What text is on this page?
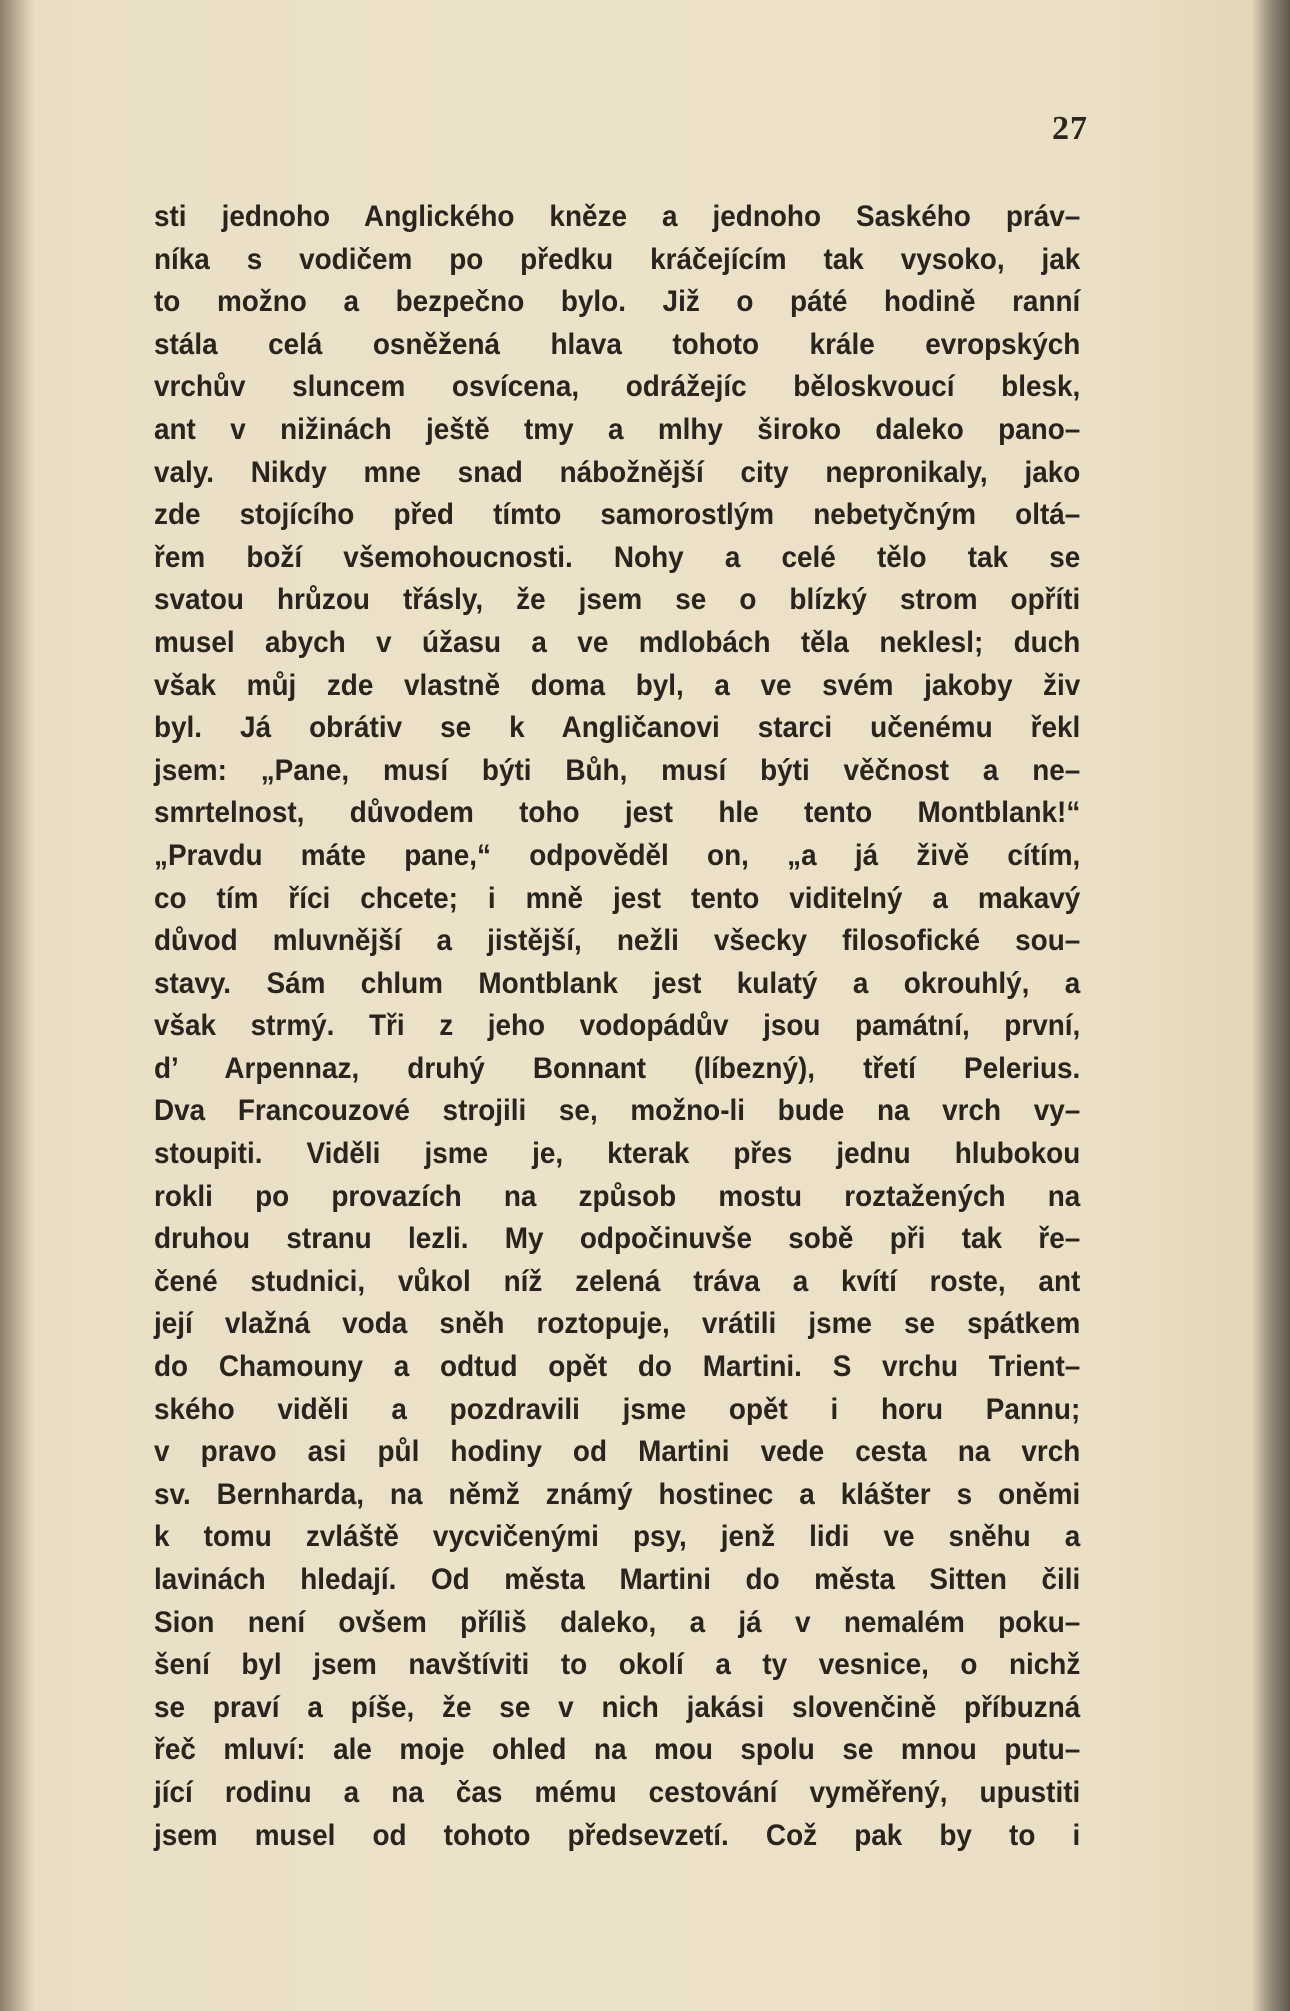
27
sti jednoho Anglického kněze a jednoho Saského práv–
níka s vodičem po předku kráčejícím tak vysoko, jak
to možno a bezpečno bylo. Již o páté hodině ranní
stála celá osněžená hlava tohoto krále evropských
vrchův sluncem osvícena, odrážejíc běloskvoucí blesk,
ant v nižinách ještě tmy a mlhy široko daleko pano–
valy. Nikdy mne snad nábožnější city nepronikaly, jako
zde stojícího před tímto samorostlým nebetyčným oltá–
řem boží všemohoucnosti. Nohy a celé tělo tak se
svatou hrůzou třásly, že jsem se o blízký strom opříti
musel abych v úžasu a ve mdlobách těla neklesl; duch
však můj zde vlastně doma byl, a ve svém jakoby živ
byl. Já obrátiv se k Angličanovi starci učenému řekl
jsem: „Pane, musí býti Bůh, musí býti věčnost a ne–
smrtelnost, důvodem toho jest hle tento Montblank!“
„Pravdu máte pane,“ odpověděl on, „a já živě cítím,
co tím říci chcete; i mně jest tento viditelný a makavý
důvod mluvnější a jistější, nežli všecky filosofické sou–
stavy. Sám chlum Montblank jest kulatý a okrouhlý, a
však strmý. Tři z jeho vodopádův jsou památní, první,
d’ Arpennaz, druhý Bonnant (líbezný), třetí Pelerius.
Dva Francouzové strojili se, možno-li bude na vrch vy–
stoupiti. Viděli jsme je, kterak přes jednu hlubokou
rokli po provazích na způsob mostu roztažených na
druhou stranu lezli. My odpočinuvše sobě při tak ře–
čené studnici, vůkol níž zelená tráva a kvítí roste, ant
její vlažná voda sněh roztopuje, vrátili jsme se spátkem
do Chamouny a odtud opět do Martini. S vrchu Trient–
ského viděli a pozdravili jsme opět i horu Pannu;
v pravo asi půl hodiny od Martini vede cesta na vrch
sv. Bernharda, na němž známý hostinec a klášter s oněmi
k tomu zvláště vycvičenými psy, jenž lidi ve sněhu a
lavinách hledají. Od města Martini do města Sitten čili
Sion není ovšem příliš daleko, a já v nemalém poku–
šení byl jsem navštíviti to okolí a ty vesnice, o nichž
se praví a píše, že se v nich jakási slovenčině příbuzná
řeč mluví: ale moje ohled na mou spolu se mnou putu–
jící rodinu a na čas mému cestování vyměřený, upustiti
jsem musel od tohoto předsevzetí. Což pak by to i
